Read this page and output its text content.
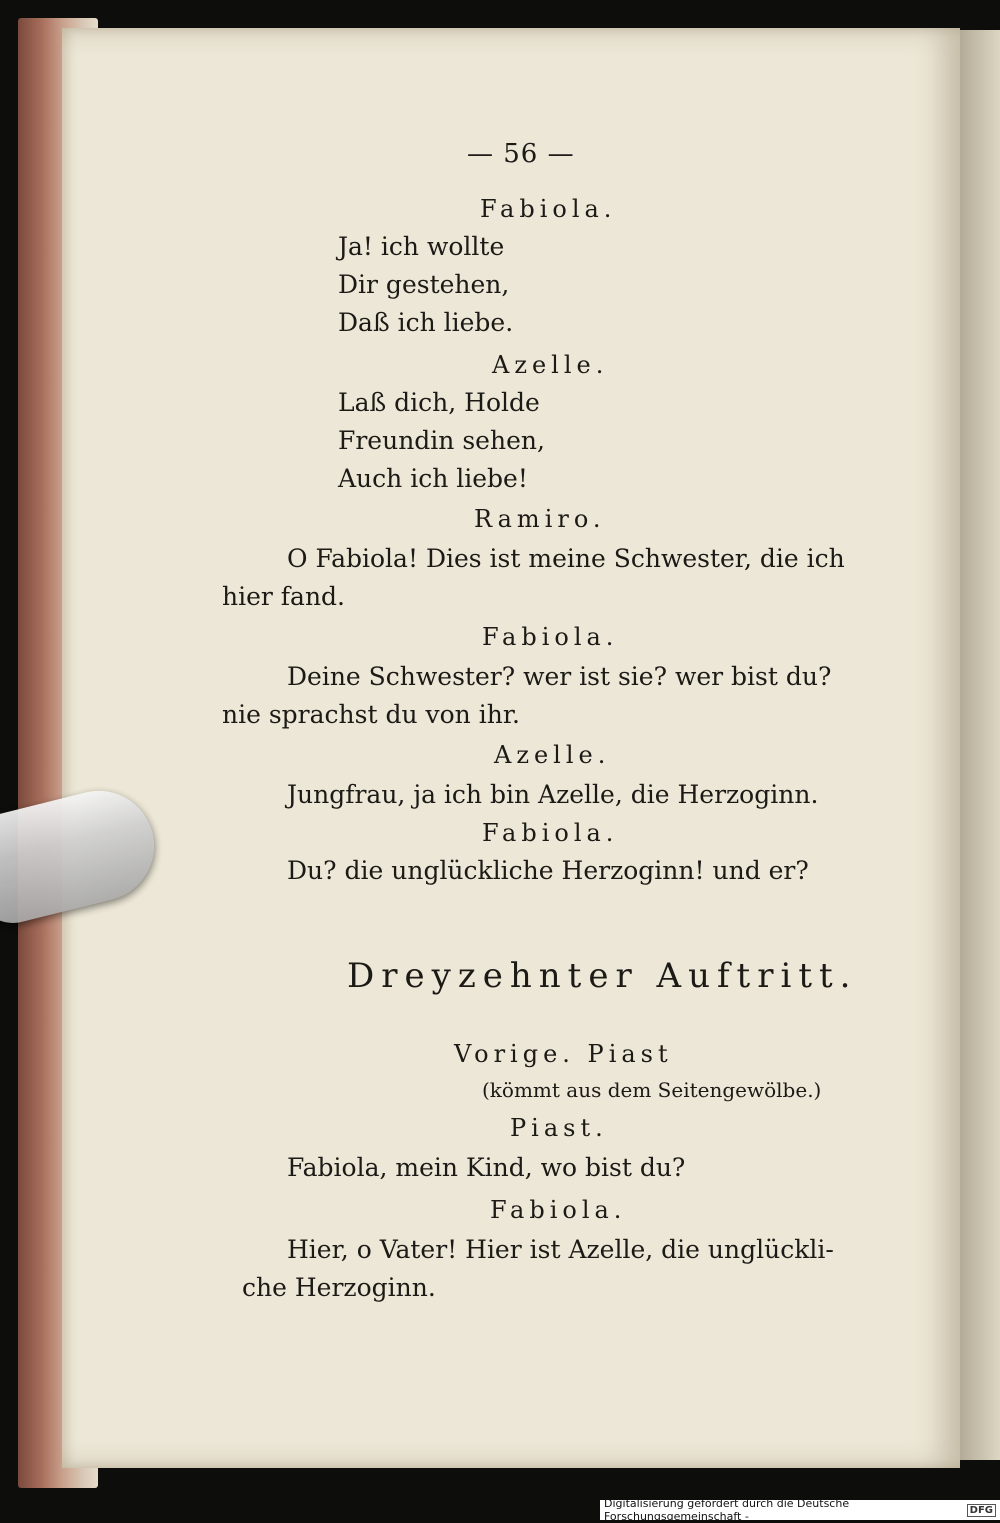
— 56 —
Fabiola.
Ja! ich wollte
Dir gestehen,
Daß ich liebe.
Azelle.
Laß dich, Holde
Freundin sehen,
Auch ich liebe!
Ramiro.
O Fabiola! Dies ist meine Schwester, die ich
hier fand.
Fabiola.
Deine Schwester? wer ist sie? wer bist du?
nie sprachst du von ihr.
Azelle.
Jungfrau, ja ich bin Azelle, die Herzoginn.
Fabiola.
Du? die unglückliche Herzoginn! und er?
Dreyzehnter Auftritt.
Vorige. Piast
(kömmt aus dem Seitengewölbe.)
Piast.
Fabiola, mein Kind, wo bist du?
Fabiola.
Hier, o Vater! Hier ist Azelle, die unglückli-
che Herzoginn.
Digitalisierung gefördert durch die Deutsche Forschungsgemeinschaft -	DFG
